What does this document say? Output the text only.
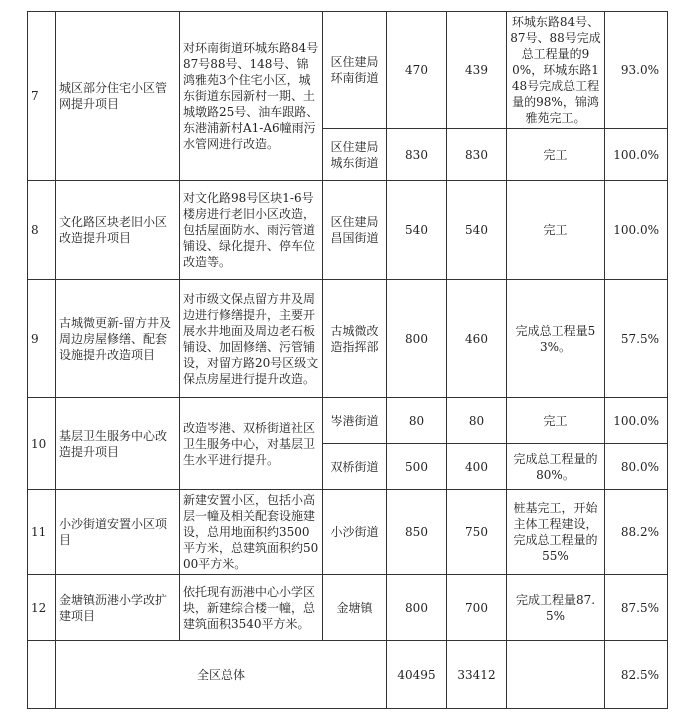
7	城区部分住宅小区管网提升项目	对环南街道环城东路84号87号88号、148号、锦鸿雅苑3个住宅小区，城东街道东园新村一期、土城墩路25号、油车跟路、东港浦新村A1-A6幢雨污水管网进行改造。	区住建局环南街道	470	439	环城东路84号、87号、88号完成总工程量的90%，环城东路148号完成总工程量的98%，锦鸿雅苑完工。	93.0%
			区住建局城东街道	830	830	完工	100.0%
8	文化路区块老旧小区改造提升项目	对文化路98号区块1-6号楼房进行老旧小区改造，包括屋面防水、雨污管道铺设、绿化提升、停车位改造等。	区住建局昌国街道	540	540	完工	100.0%
9	古城微更新-留方井及周边房屋修缮、配套设施提升改造项目	对市级文保点留方井及周边进行修缮提升，主要开展水井地面及周边老石板铺设、加固修缮、污管铺设，对留方路20号区级文保点房屋进行提升改造。	古城微改造指挥部	800	460	完成总工程量53%。	57.5%
10	基层卫生服务中心改造提升项目	改造岑港、双桥街道社区卫生服务中心，对基层卫生水平进行提升。	岑港街道	80	80	完工	100.0%
			双桥街道	500	400	完成总工程量的80%。	80.0%
11	小沙街道安置小区项目	新建安置小区，包括小高层一幢及相关配套设施建设，总用地面积约3500平方米，总建筑面积约5000平方米。	小沙街道	850	750	桩基完工，开始主体工程建设，完成总工程量的55%	88.2%
12	金塘镇沥港小学改扩建项目	依托现有沥港中心小学区块，新建综合楼一幢，总建筑面积3540平方米。	金塘镇	800	700	完成工程量87.5%	87.5%
	全区总体			40495	33412		82.5%
